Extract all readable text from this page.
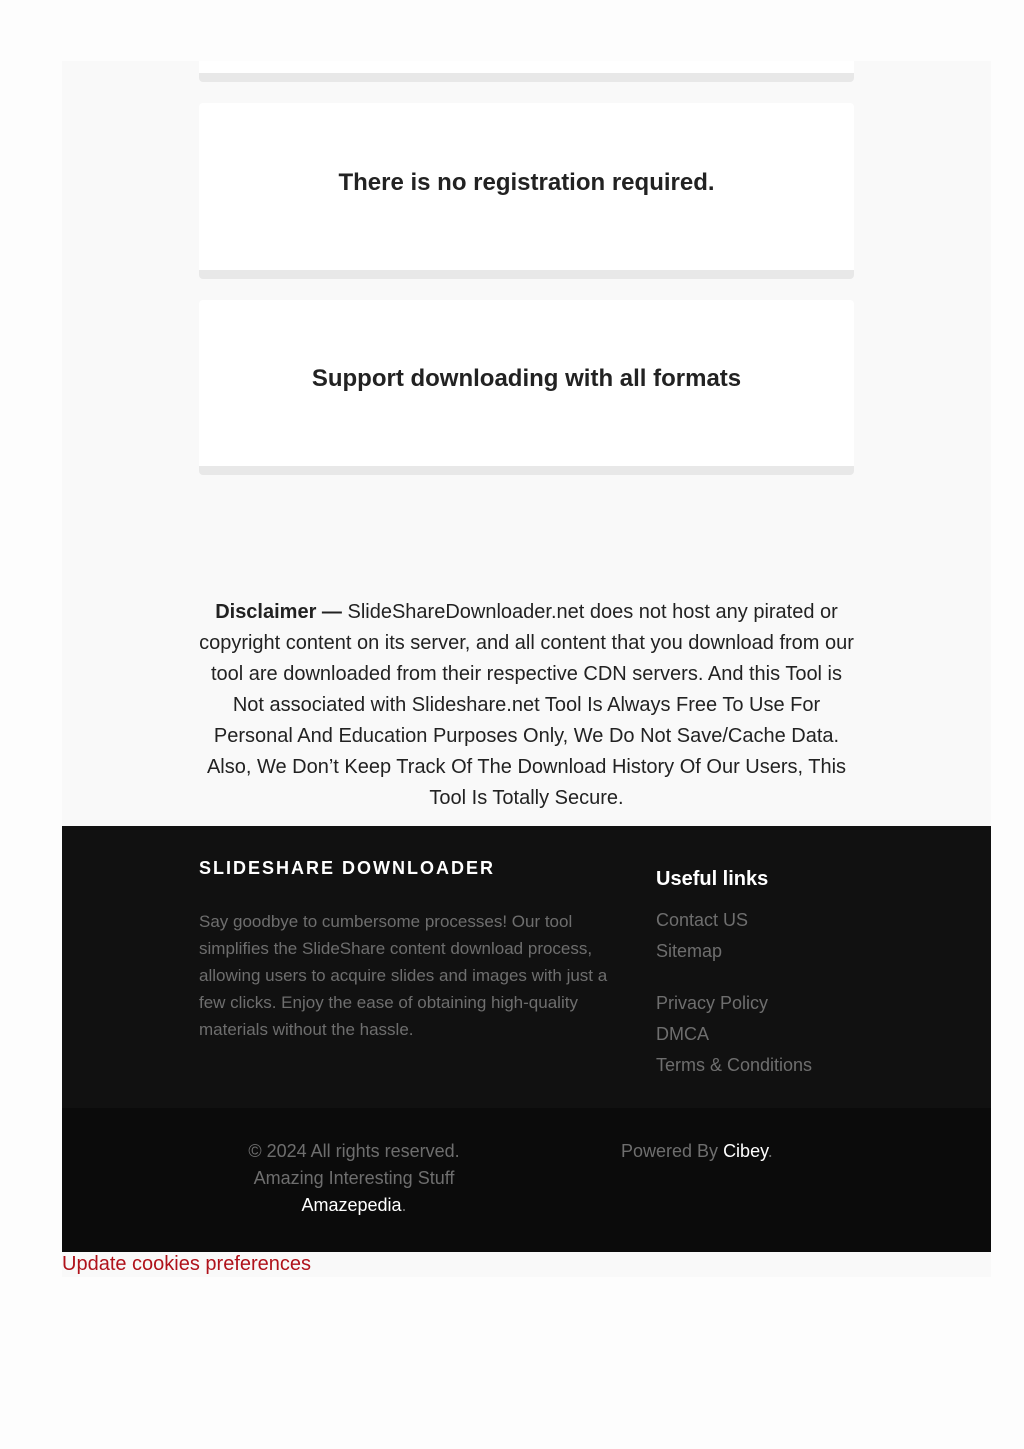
There is no registration required.
Support downloading with all formats

Disclaimer — SlideShareDownloader.net does not host any pirated or copyright content on its server, and all content that you download from our tool are downloaded from their respective CDN servers. And this Tool is Not associated with Slideshare.net Tool Is Always Free To Use For Personal And Education Purposes Only, We Do Not Save/Cache Data. Also, We Don’t Keep Track Of The Download History Of Our Users, This Tool Is Totally Secure.

SLIDESHARE DOWNLOADER

Say goodbye to cumbersome processes! Our tool simplifies the SlideShare content download process, allowing users to acquire slides and images with just a few clicks. Enjoy the ease of obtaining high-quality materials without the hassle.

Useful links
Contact US
Sitemap
Privacy Policy
DMCA
Terms & Conditions

© 2024 All rights reserved.
Amazing Interesting Stuff
Amazepedia.

Powered By Cibey.

Update cookies preferences
